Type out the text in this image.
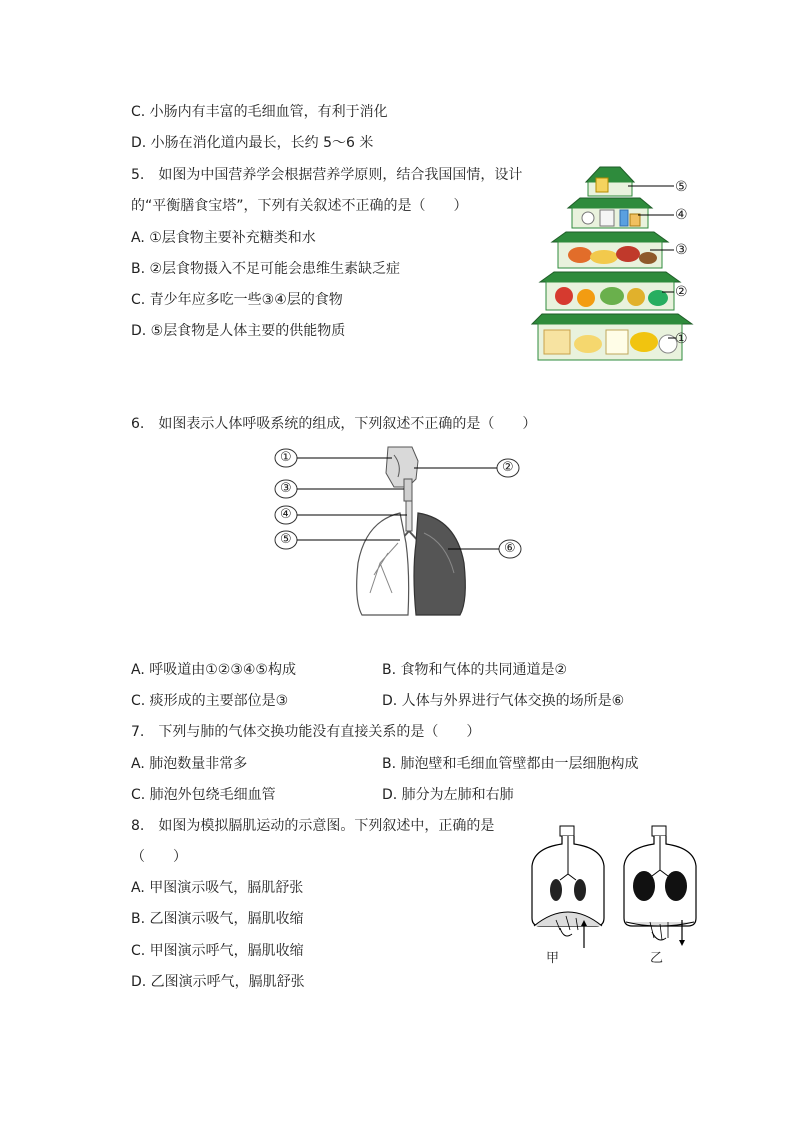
C. 小肠内有丰富的毛细血管，有利于消化
D. 小肠在消化道内最长，长约 5～6 米
5.　如图为中国营养学会根据营养学原则，结合我国国情，设计
的“平衡膳食宝塔”，下列有关叙述不正确的是（　　）
A. ①层食物主要补充糖类和水
B. ②层食物摄入不足可能会患维生素缺乏症
C. 青少年应多吃一些③④层的食物
D. ⑤层食物是人体主要的供能物质
⑤
④
③
②
①
6.　如图表示人体呼吸系统的组成，下列叙述不正确的是（　　）
①
②
③
④
⑤
⑥
A. 呼吸道由①②③④⑤构成	B. 食物和气体的共同通道是②
C. 痰形成的主要部位是③	D. 人体与外界进行气体交换的场所是⑥
7.　下列与肺的气体交换功能没有直接关系的是（　　）
A. 肺泡数量非常多	B. 肺泡壁和毛细血管壁都由一层细胞构成
C. 肺泡外包绕毛细血管	D. 肺分为左肺和右肺
8.　如图为模拟膈肌运动的示意图。下列叙述中，正确的是
（　　）
A. 甲图演示吸气，膈肌舒张
B. 乙图演示吸气，膈肌收缩
C. 甲图演示呼气，膈肌收缩
D. 乙图演示呼气，膈肌舒张
甲	乙
